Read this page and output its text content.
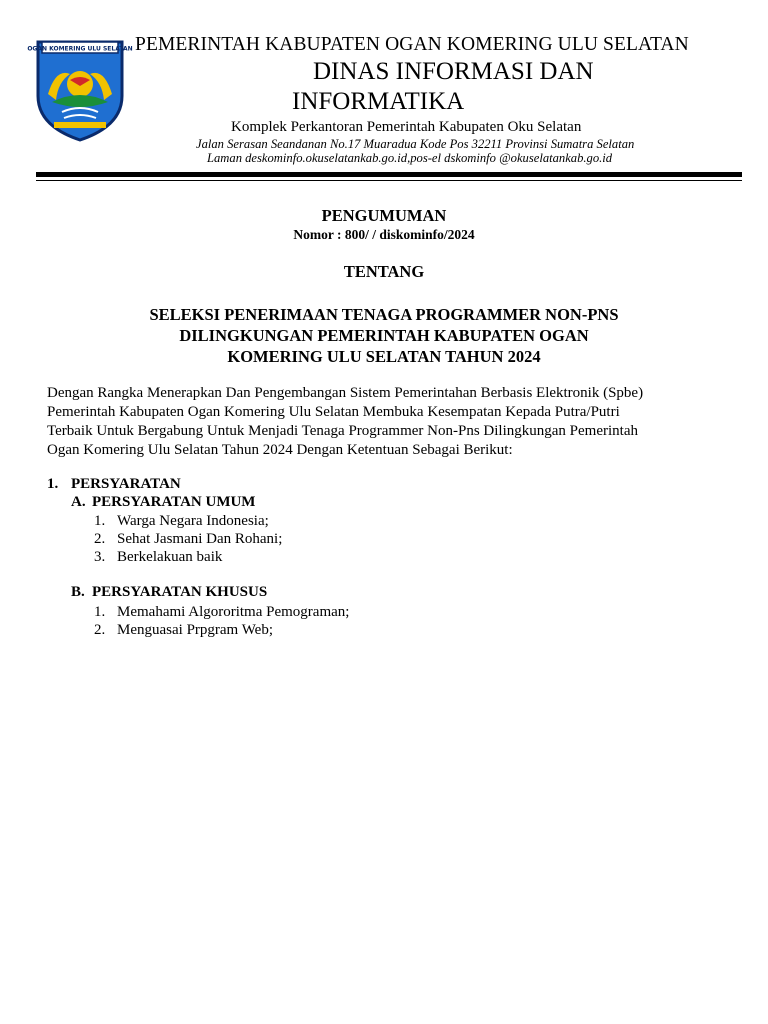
OGAN KOMERING ULU SELATAN PEMERINTAH KABUPATEN OGAN KOMERING ULU SELATAN
DINAS INFORMASI DAN
INFORMATIKA
Komplek Perkantoran Pemerintah Kabupaten Oku Selatan
Jalan Serasan Seandanan No.17 Muaradua Kode Pos 32211 Provinsi Sumatra Selatan
Laman deskominfo.okuselatankab.go.id,pos-el dskominfo @okuselatankab.go.id
PENGUMUMAN
Nomor : 800/ / diskominfo/2024
TENTANG
SELEKSI PENERIMAAN TENAGA PROGRAMMER NON-PNS
DILINGKUNGAN PEMERINTAH KABUPATEN OGAN
KOMERING ULU SELATAN TAHUN 2024
Dengan Rangka Menerapkan Dan Pengembangan Sistem Pemerintahan Berbasis Elektronik (Spbe)
Pemerintah Kabupaten Ogan Komering Ulu Selatan Membuka Kesempatan Kepada Putra/Putri
Terbaik Untuk Bergabung Untuk Menjadi Tenaga Programmer Non-Pns Dilingkungan Pemerintah
Ogan Komering Ulu Selatan Tahun 2024 Dengan Ketentuan Sebagai Berikut:
1. PERSYARATAN
A. PERSYARATAN UMUM
1. Warga Negara Indonesia;
2. Sehat Jasmani Dan Rohani;
3. Berkelakuan baik
B. PERSYARATAN KHUSUS
1. Memahami Algororitma Pemograman;
2. Menguasai Prpgram Web;
